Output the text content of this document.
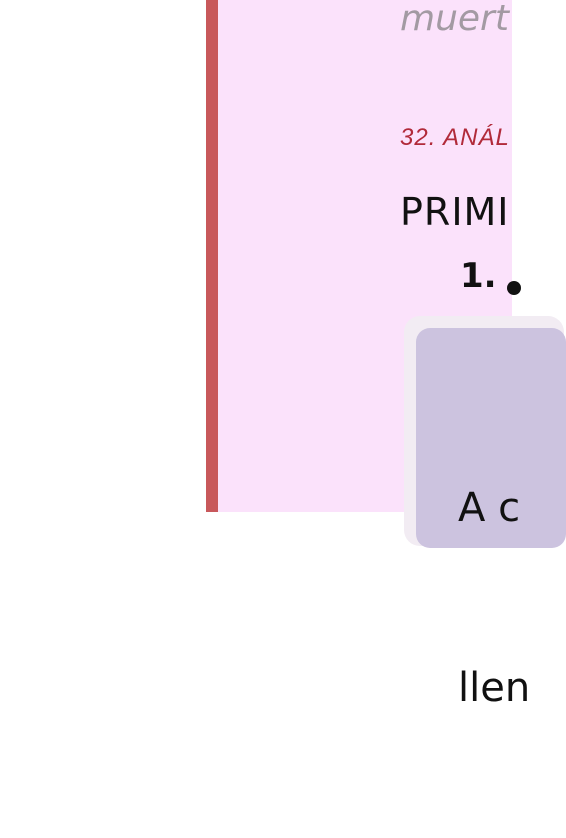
muert
32. ANÁL
PRIMI
1.

A c

llen
